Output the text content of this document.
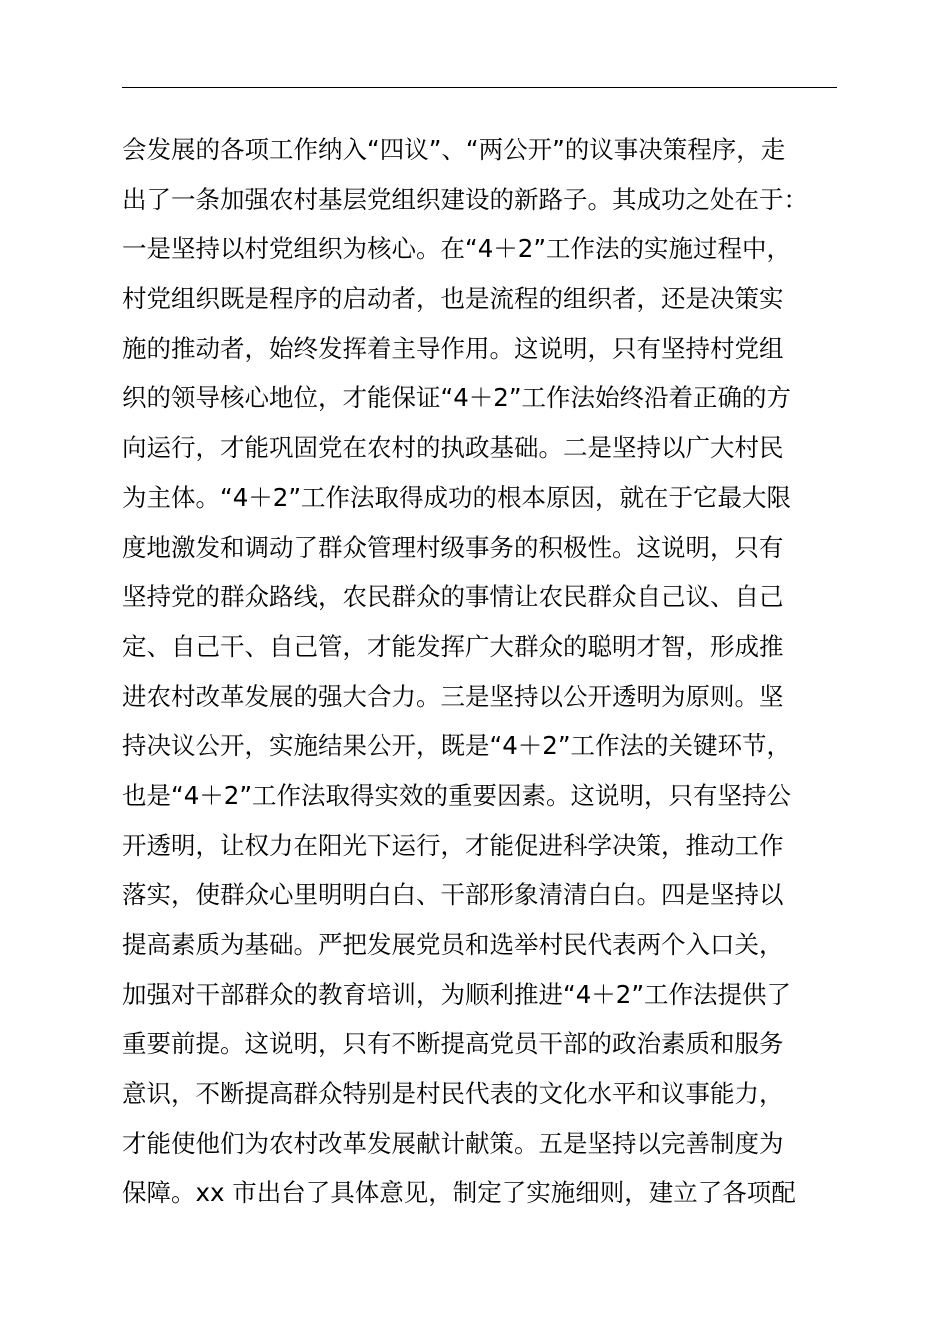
会发展的各项工作纳入“四议”、“两公开”的议事决策程序，走
出了一条加强农村基层党组织建设的新路子。其成功之处在于：
一是坚持以村党组织为核心。在“4＋2”工作法的实施过程中，
村党组织既是程序的启动者，也是流程的组织者，还是决策实
施的推动者，始终发挥着主导作用。这说明，只有坚持村党组
织的领导核心地位，才能保证“4＋2”工作法始终沿着正确的方
向运行，才能巩固党在农村的执政基础。二是坚持以广大村民
为主体。“4＋2”工作法取得成功的根本原因，就在于它最大限
度地激发和调动了群众管理村级事务的积极性。这说明，只有
坚持党的群众路线，农民群众的事情让农民群众自己议、自己
定、自己干、自己管，才能发挥广大群众的聪明才智，形成推
进农村改革发展的强大合力。三是坚持以公开透明为原则。坚
持决议公开，实施结果公开，既是“4＋2”工作法的关键环节，
也是“4＋2”工作法取得实效的重要因素。这说明，只有坚持公
开透明，让权力在阳光下运行，才能促进科学决策，推动工作
落实，使群众心里明明白白、干部形象清清白白。四是坚持以
提高素质为基础。严把发展党员和选举村民代表两个入口关，
加强对干部群众的教育培训，为顺利推进“4＋2”工作法提供了
重要前提。这说明，只有不断提高党员干部的政治素质和服务
意识，不断提高群众特别是村民代表的文化水平和议事能力，
才能使他们为农村改革发展献计献策。五是坚持以完善制度为
保障。xx 市出台了具体意见，制定了实施细则，建立了各项配
